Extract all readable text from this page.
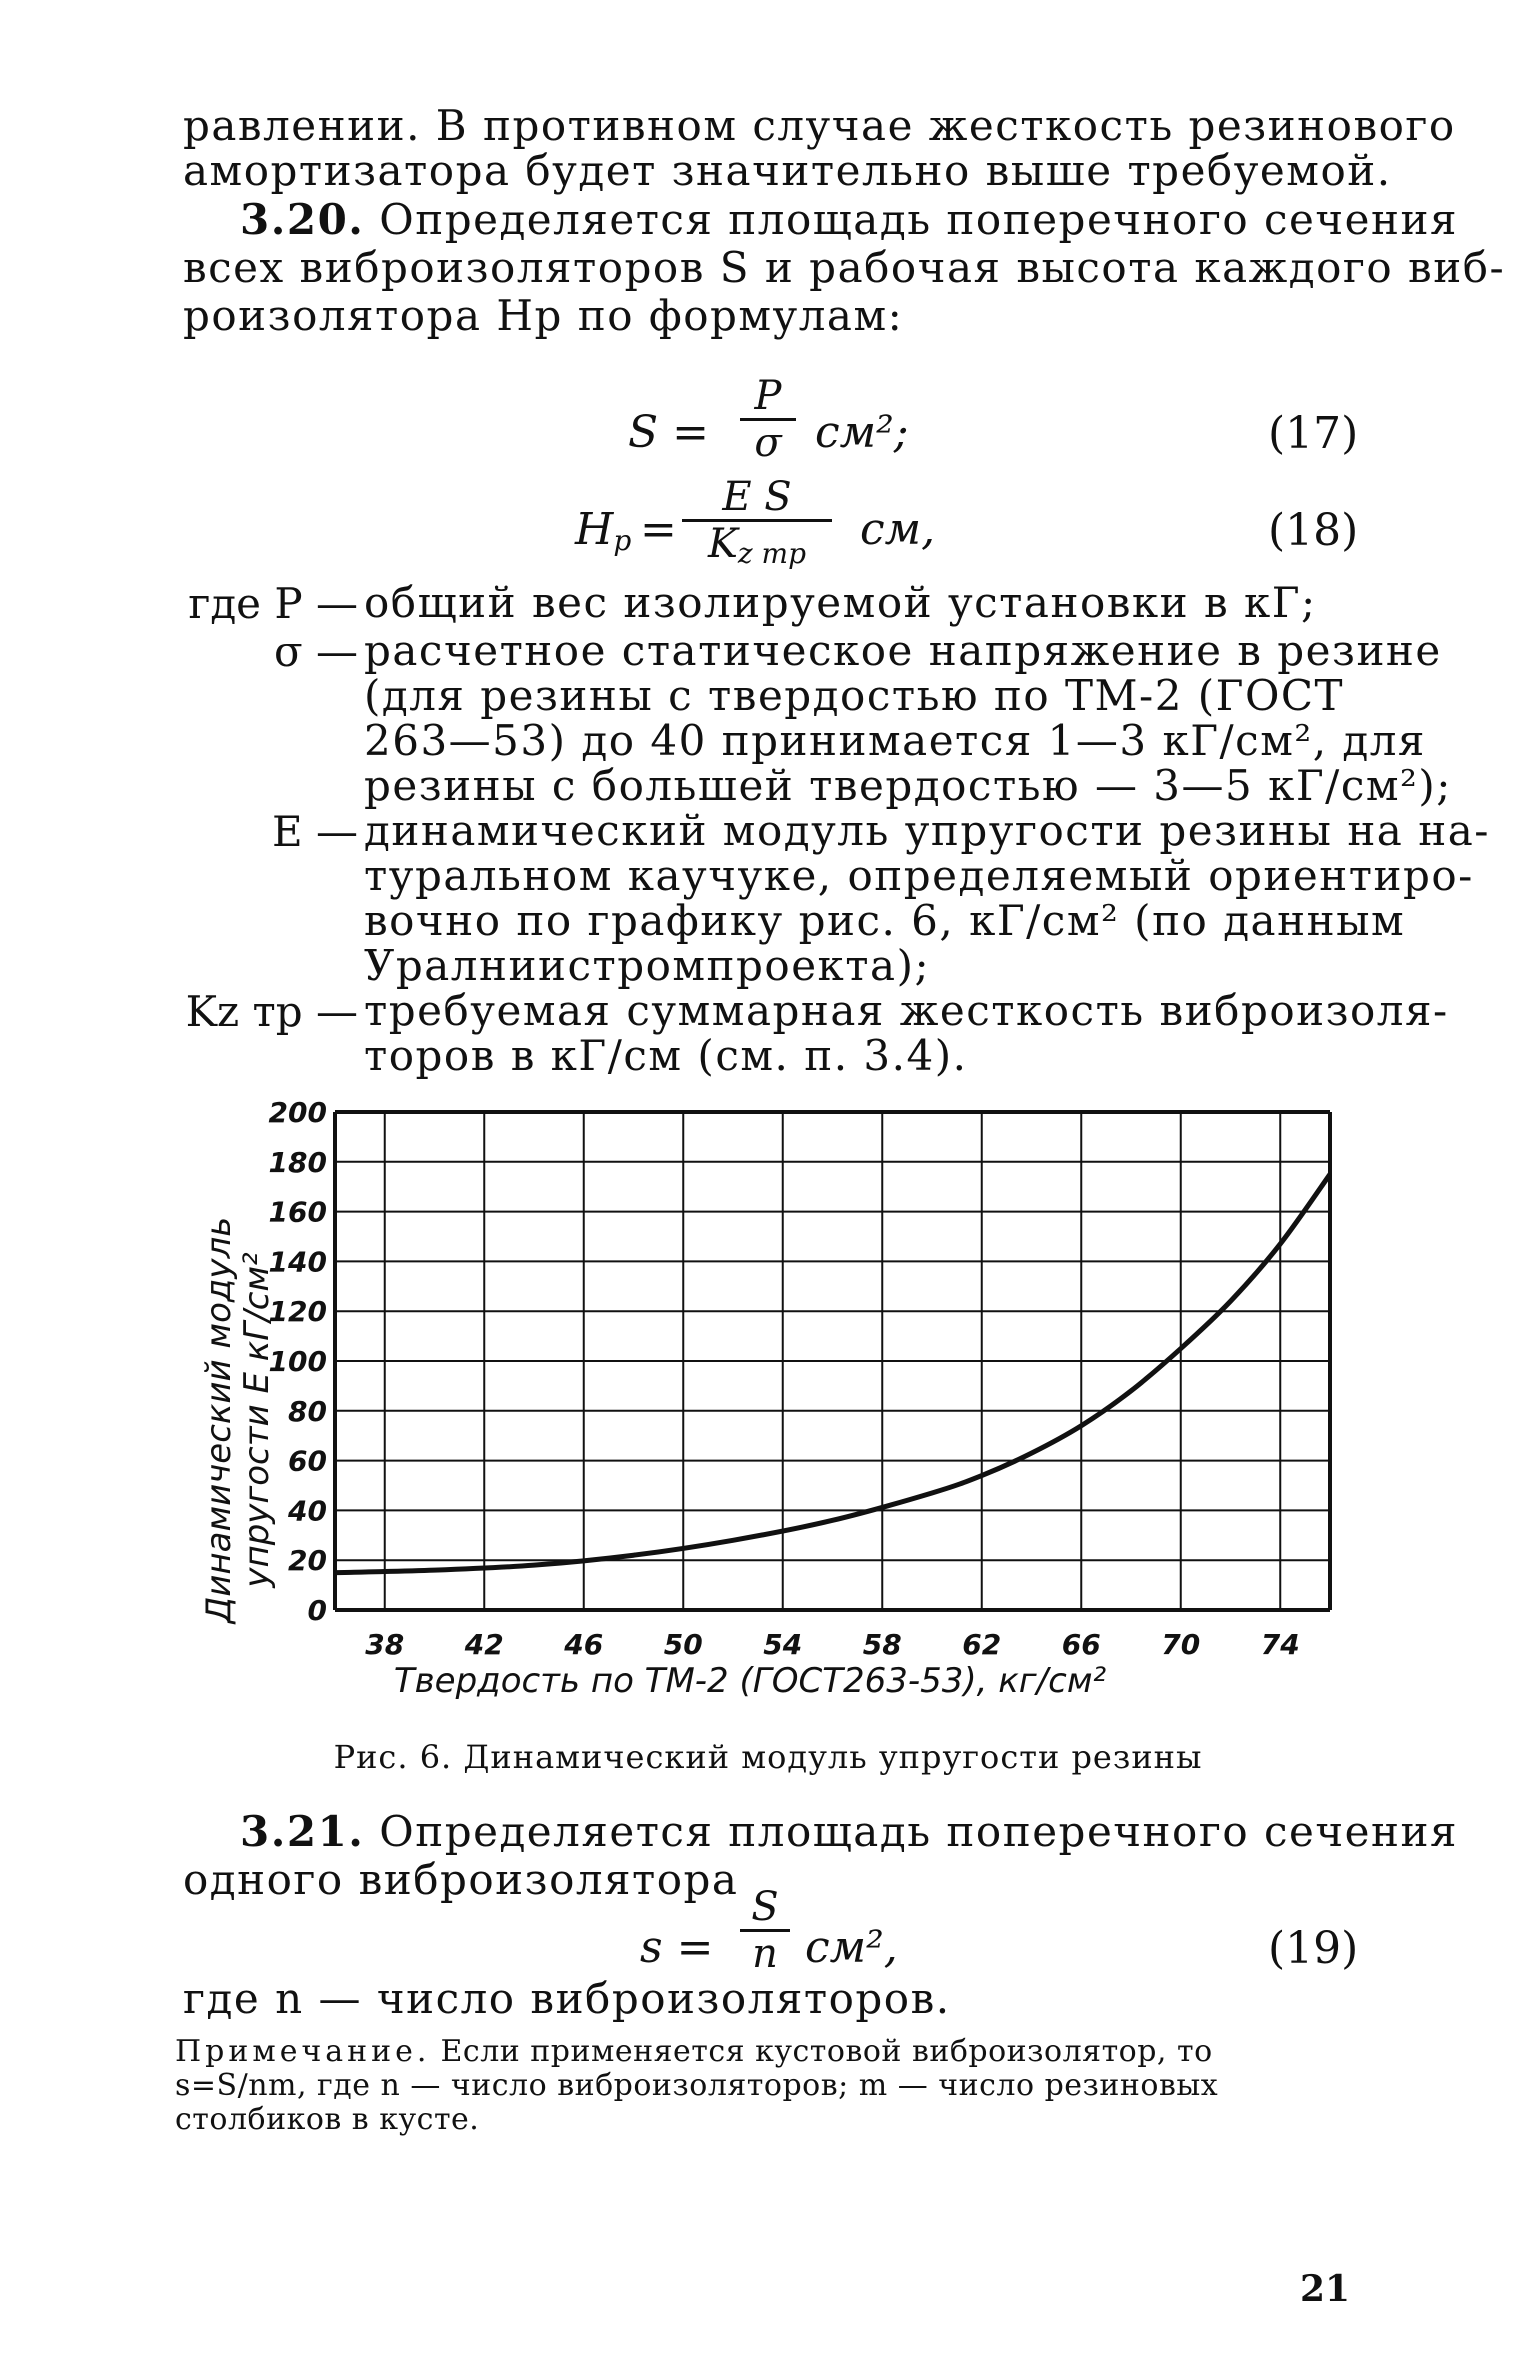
равлении. В противном случае жесткость резинового
амортизатора будет значительно выше требуемой.
3.20. Определяется площадь поперечного сечения
всех виброизоляторов S и рабочая высота каждого виб-
роизолятора Hр по формулам:
S =
P
σ см²;	(17)
$H_р$ =
E S
$K_{z тр}$	см,	(18)
где P — общий вес изолируемой установки в кГ;
σ — расчетное статическое напряжение в резине
(для резины с твердостью по ТМ-2 (ГОСТ
263—53) до 40 принимается 1—3 кГ/см², для
резины с большей твердостью — 3—5 кГ/см²);
E — динамический модуль упругости резины на на-
туральном каучуке, определяемый ориентиро-
вочно по графику рис. 6, кГ/см² (по данным
Уралниистромпроекта);
Kz тр — требуемая суммарная жесткость виброизоля-
торов в кГ/см (см. п. 3.4).
38 42 46 50 54 58 62 66 70 74
0
20
40
60
80
100
120
140
160
180
200
Твердость по ТМ-2 (ГОСТ263-53), кг/см²
Динамический модуль
упругости E кГ/см²
Рис. 6. Динамический модуль упругости резины
3.21. Определяется площадь поперечного сечения
одного виброизолятора
s =
S
n см²,	(19)
где n — число виброизоляторов.
Примечание. Если применяется кустовой виброизолятор, то
s=S/nm, где n — число виброизоляторов; m — число резиновых
столбиков в кусте.
21
